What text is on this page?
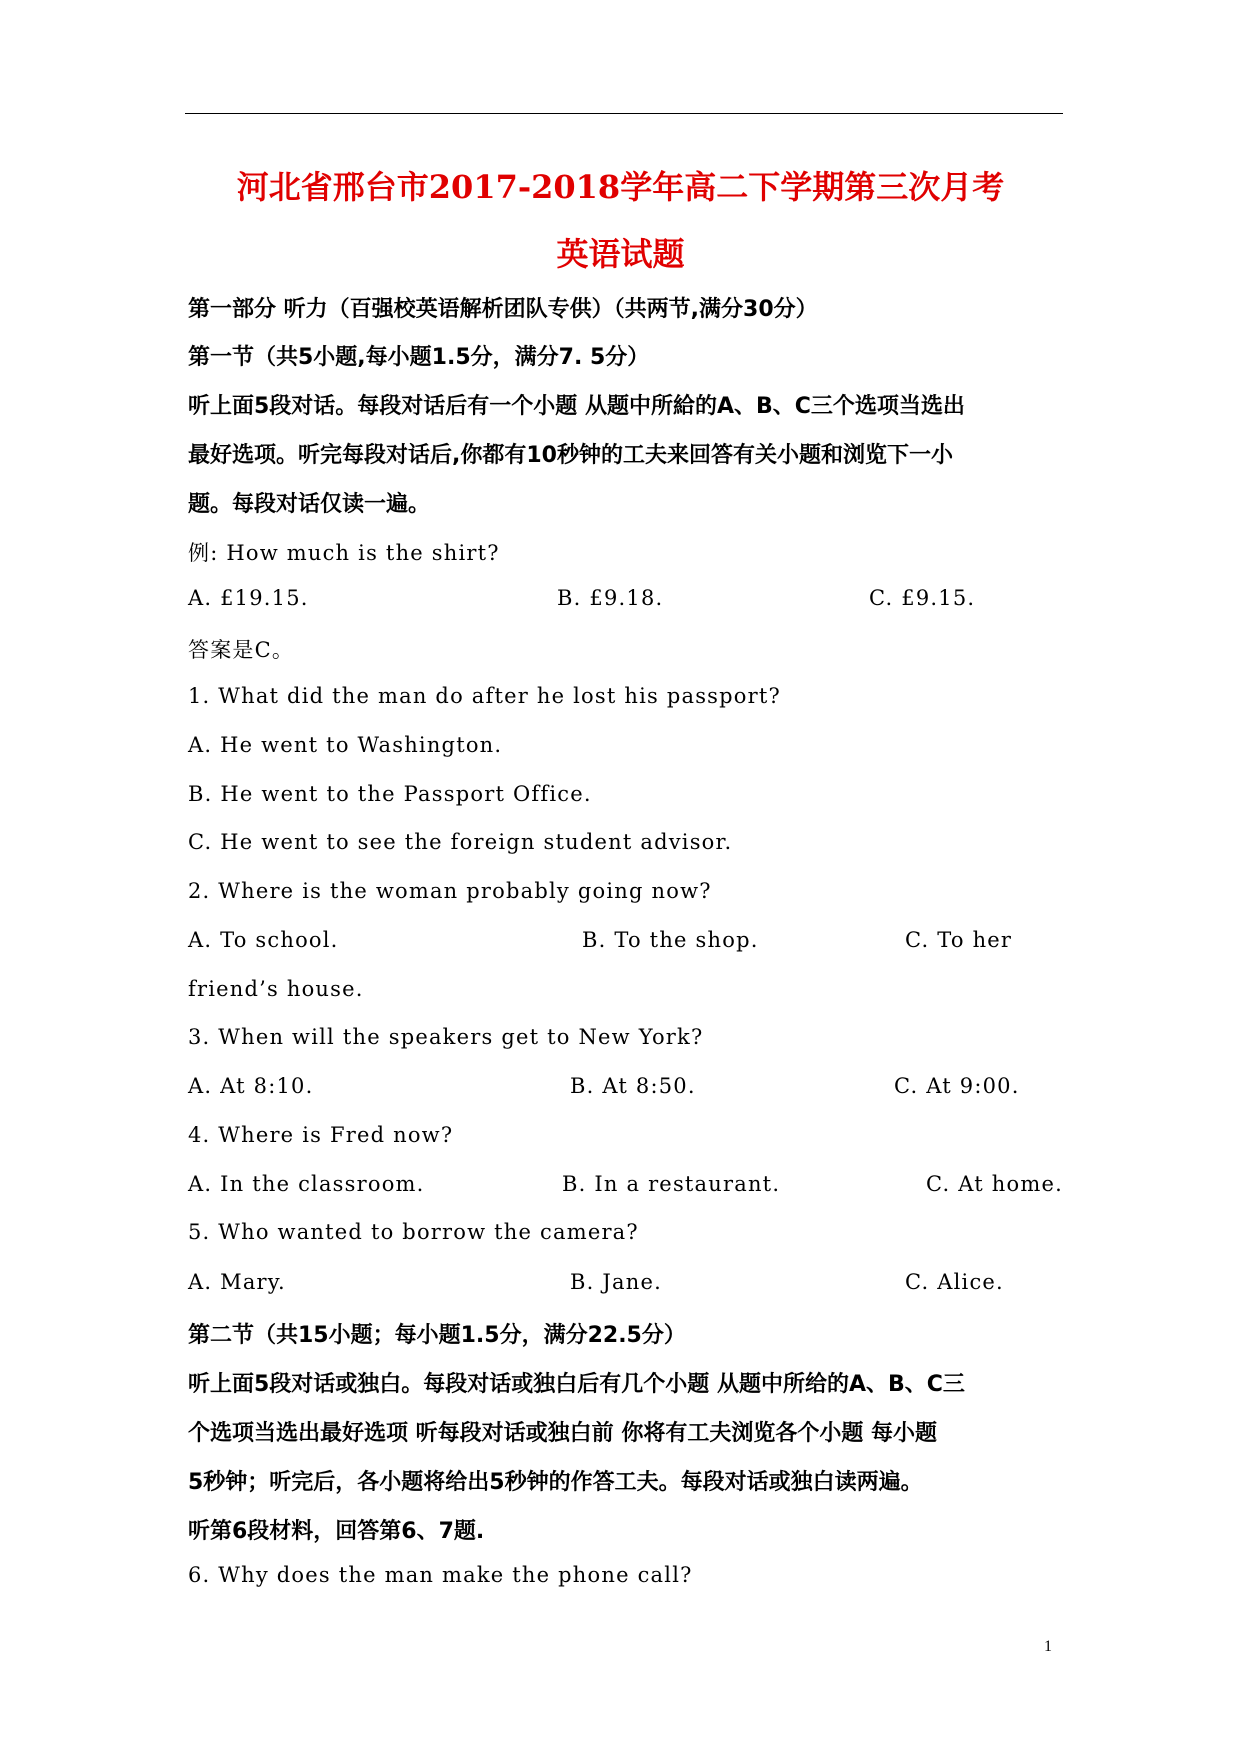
河北省邢台市2017-2018学年高二下学期第三次月考
英语试题
第一部分 听力（百强校英语解析团队专供）（共两节,满分30分）
第一节（共5小题,每小题1.5分，满分7. 5分）
听上面5段对话。每段对话后有一个小题 从题中所給的A、B、C三个选项当选出
最好选项。听完每段对话后,你都有10秒钟的工夫来回答有关小题和浏览下一小
题。每段对话仅读一遍。
例: How much is the shirt?
A. £19.15.	B. £9.18.	C. £9.15.
答案是C。
1. What did the man do after he lost his passport?
A. He went to Washington.
B. He went to the Passport Office.
C. He went to see the foreign student advisor.
2. Where is the woman probably going now?
A. To school.	B. To the shop.	C. To her
friend’s house.
3. When will the speakers get to New York?
A. At 8:10.	B. At 8:50.	C. At 9:00.
4. Where is Fred now?
A. In the classroom.	B. In a restaurant.	C. At home.
5. Who wanted to borrow the camera?
A. Mary.	B. Jane.	C. Alice.
第二节（共15小题；每小题1.5分，满分22.5分）
听上面5段对话或独白。每段对话或独白后有几个小题 从题中所给的A、B、C三
个选项当选出最好选项 听每段对话或独白前 你将有工夫浏览各个小题 每小题
5秒钟；听完后，各小题将给出5秒钟的作答工夫。每段对话或独白读两遍。
听第6段材料，回答第6、7题.
6. Why does the man make the phone call?
1
